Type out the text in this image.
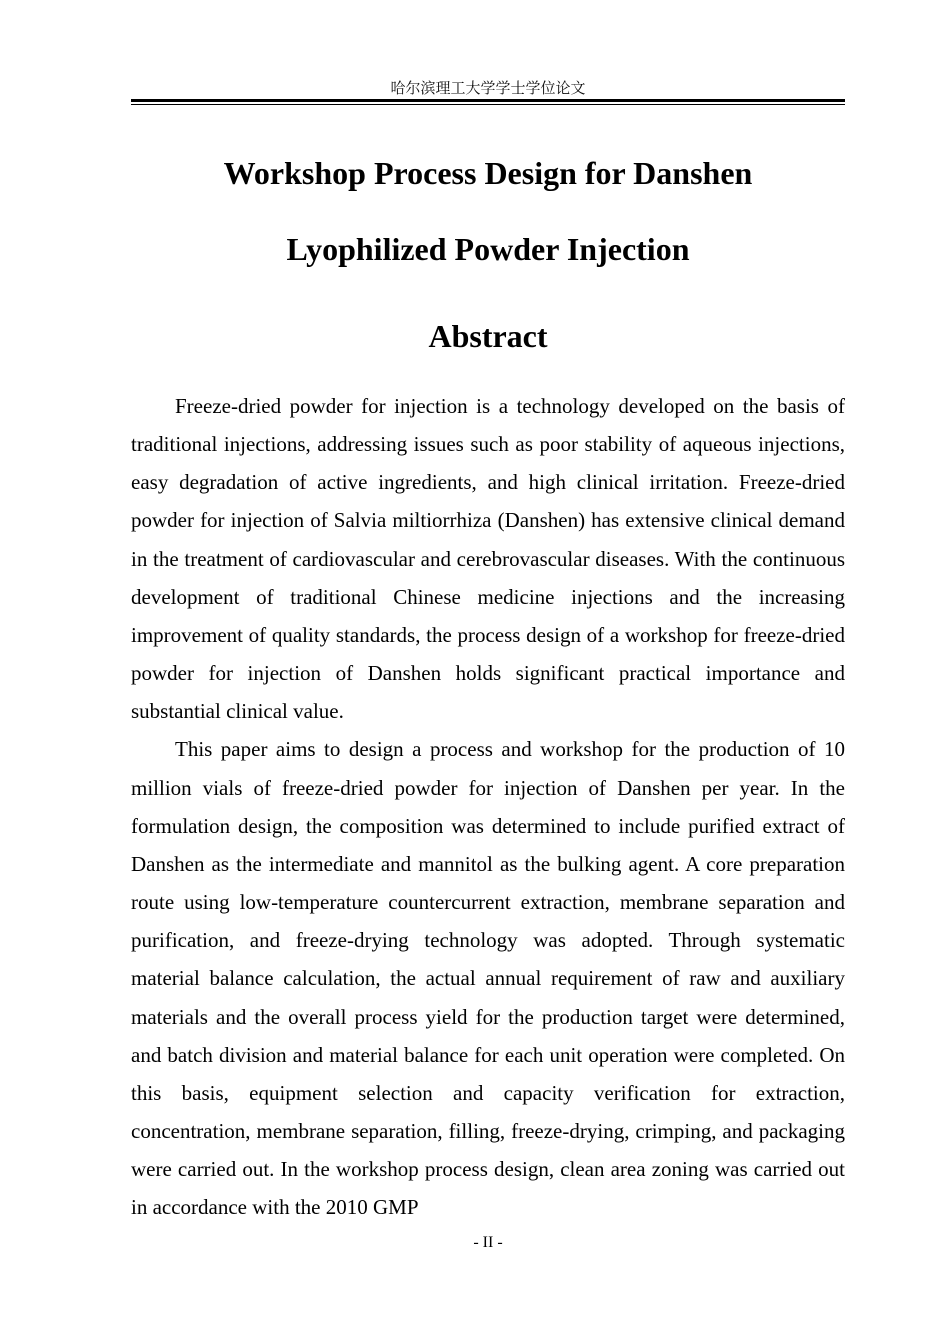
哈尔滨理工大学学士学位论文
Workshop Process Design for Danshen
Lyophilized Powder Injection
Abstract

Freeze-dried powder for injection is a technology developed on the basis of traditional injections, addressing issues such as poor stability of aqueous injections, easy degradation of active ingredients, and high clinical irritation. Freeze-dried powder for injection of Salvia miltiorrhiza (Danshen) has extensive clinical demand in the treatment of cardiovascular and cerebrovascular diseases. With the continuous development of traditional Chinese medicine injections and the increasing improvement of quality standards, the process design of a workshop for freeze-dried powder for injection of Danshen holds significant practical importance and substantial clinical value.

This paper aims to design a process and workshop for the production of 10 million vials of freeze-dried powder for injection of Danshen per year. In the formulation design, the composition was determined to include purified extract of Danshen as the intermediate and mannitol as the bulking agent. A core preparation route using low-temperature countercurrent extraction, membrane separation and purification, and freeze-drying technology was adopted. Through systematic material balance calculation, the actual annual requirement of raw and auxiliary materials and the overall process yield for the production target were determined, and batch division and material balance for each unit operation were completed. On this basis, equipment selection and capacity verification for extraction, concentration, membrane separation, filling, freeze-drying, crimping, and packaging were carried out. In the workshop process design, clean area zoning was carried out in accordance with the 2010 GMP

- II -
